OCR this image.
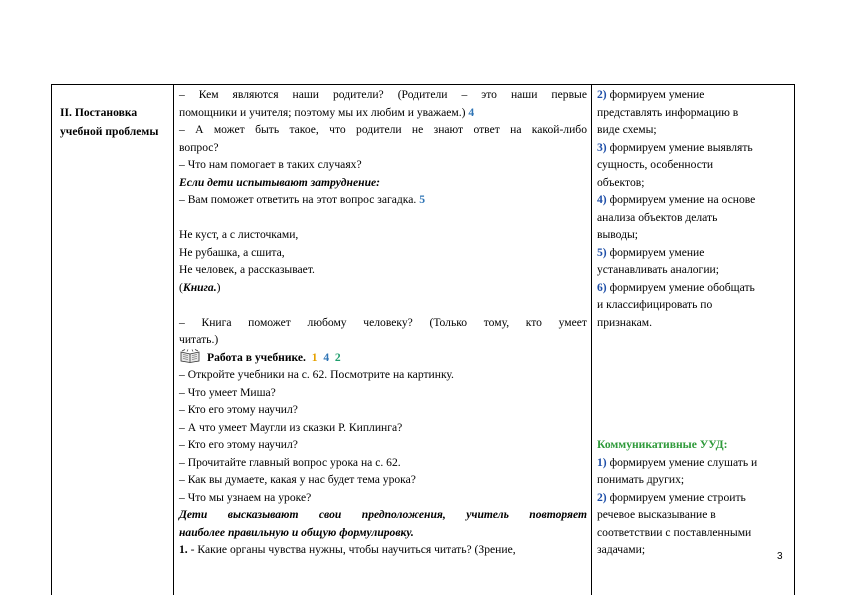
II. Постановка учебной проблемы

– Кем являются наши родители? (Родители – это наши первые

помощники и учителя; поэтому мы их любим и уважаем.) 4

– А может быть такое, что родители не знают ответ на какой-либо

вопрос?

– Что нам помогает в таких случаях?

Если дети испытывают затруднение:

– Вам поможет ответить на этот вопрос загадка. 5

Не куст, а с листочками,

Не рубашка, а сшита,

Не человек, а рассказывает.

(Книга.)

– Книга поможет любому человеку? (Только тому, кто умеет

читать.)

Работа в учебнике. 1 4 2

– Откройте учебники на с. 62. Посмотрите на картинку.

– Что умеет Миша?

– Кто его этому научил?

– А что умеет Маугли из сказки Р. Киплинга?

– Кто его этому научил?

– Прочитайте главный вопрос урока на с. 62.

– Как вы думаете, какая у нас будет тема урока?

– Что мы узнаем на уроке?

Дети высказывают свои предположения, учитель повторяет

наиболее правильную и общую формулировку.

1. - Какие органы чувства нужны, чтобы научиться читать? (Зрение,

2) формируем умение

представлять информацию в

виде схемы;

3) формируем умение выявлять

сущность, особенности

объектов;

4) формируем умение на основе

анализа объектов делать

выводы;

5) формируем умение

устанавливать аналогии;

6) формируем умение обобщать

и классифицировать по

признакам.

Коммуникативные УУД:

1) формируем умение слушать и

понимать других;

2) формируем умение строить

речевое высказывание в

соответствии с поставленными

задачами;

3
